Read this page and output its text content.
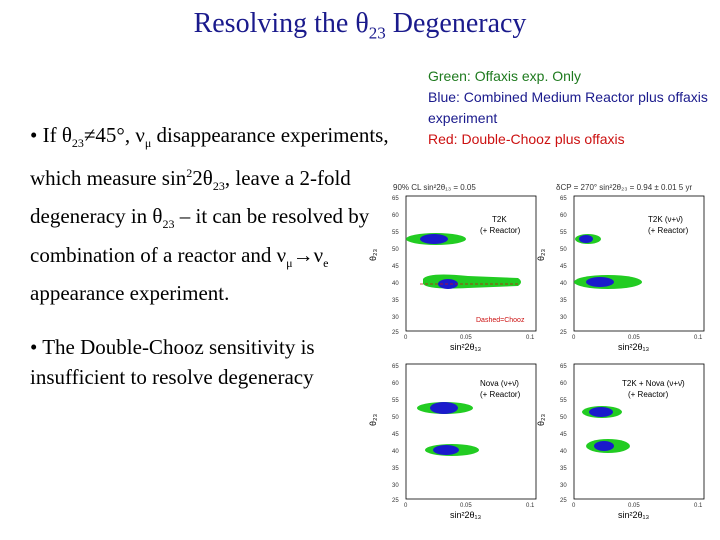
Resolving the $\theta_{23}$ Degeneracy
Green: Offaxis exp. Only
Blue: Combined Medium Reactor plus offaxis experiment
Red: Double-Chooz plus offaxis

• If $\theta_{23}\ne 45^\circ$, $\nu_\mu$ disappearance experiments, which measure $\sin^22\theta_{23}$, leave a 2-fold degeneracy in $\theta_{23}$ – it can be resolved by combination of a reactor and $\nu_\mu\to\nu_e$ appearance experiment.

• The Double-Chooz sensitivity is insufficient to resolve degeneracy

90% CL sin²2θ₁₃ = 0.05	δCP = 270° sin²2θ₂₃ = 0.94 ± 0.01 5 yr
T2K
(+ Reactor)
Dashed=Chooz
θ₂₃
T2K (ν+ν̄)
(+ Reactor)
θ₂₃
Nova (ν+ν̄)
(+ Reactor)
θ₂₃
T2K + Nova (ν+ν̄)
(+ Reactor)
θ₂₃
65
60
55
50
45
40
35
30
25
65
60
55
50
45
40
35
30
25
65
60
55
50
45
40
35
30
25
65
60
55
50
45
40
35
30
25
0	0.05	0.1	0	0.05	0.1
0	0.05	0.1	0	0.05	0.1
sin²2θ₁₃	sin²2θ₁₃
sin²2θ₁₃	sin²2θ₁₃
